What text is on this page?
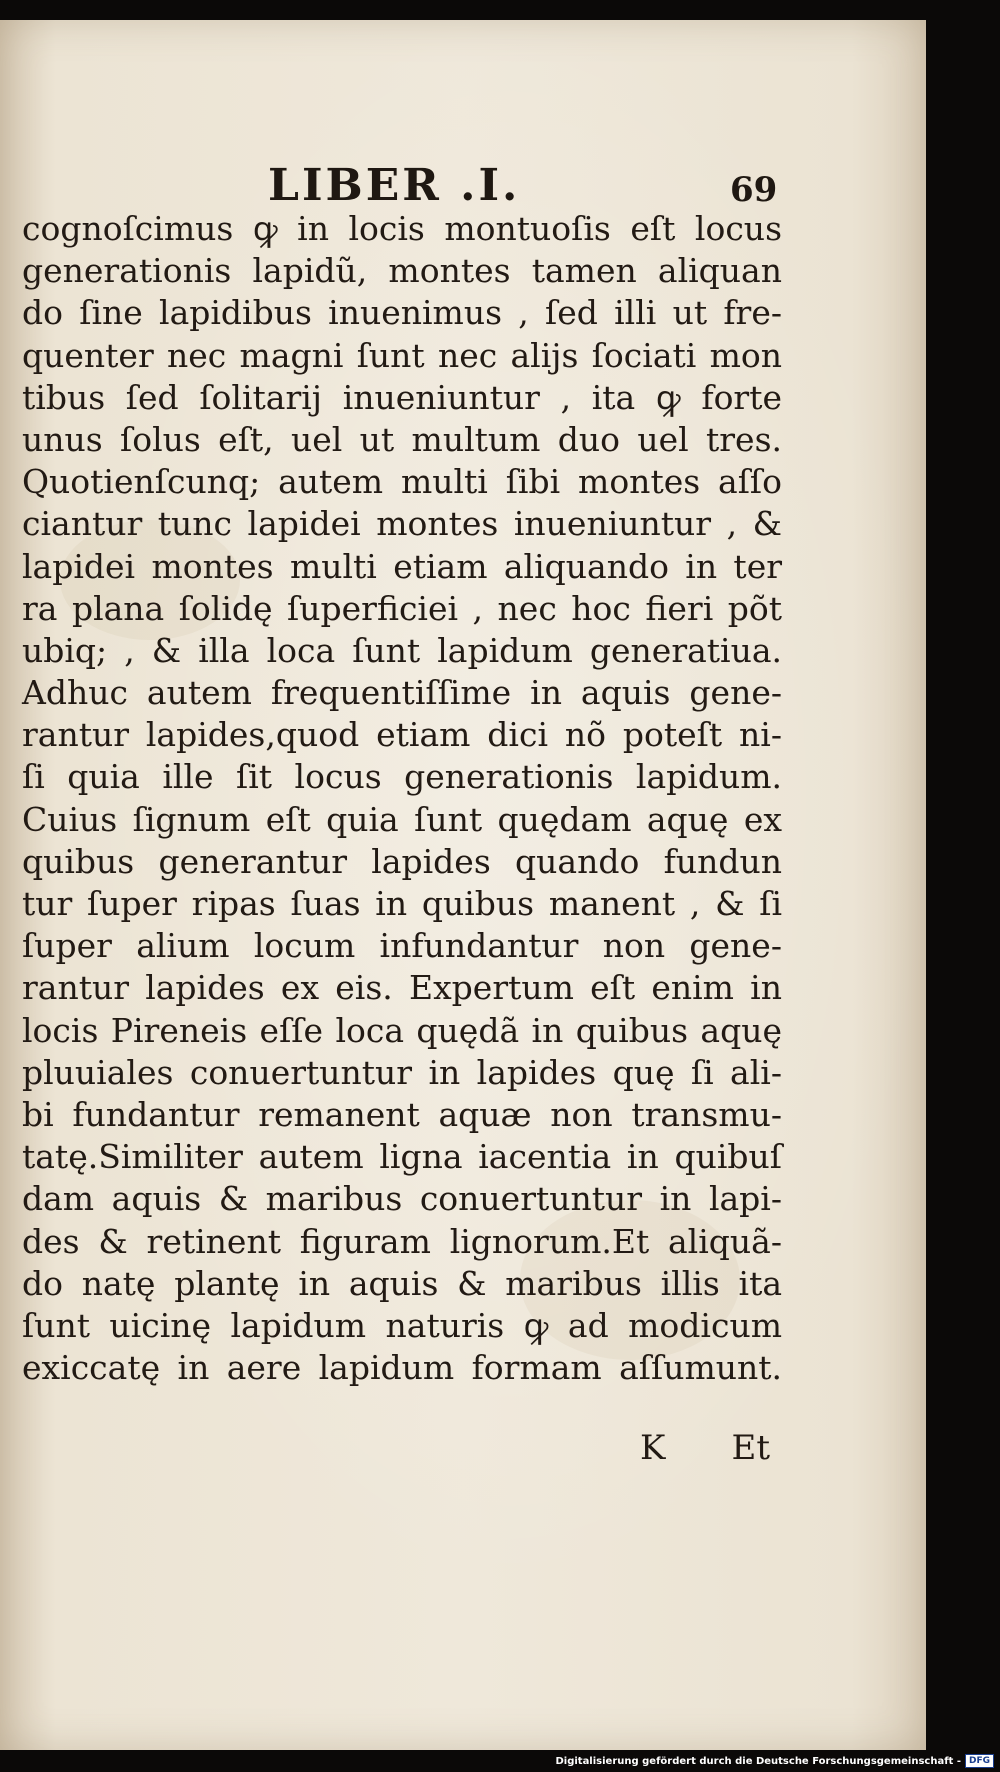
LIBER .I.	69
cognoſcimus ꝙ in locis montuoſis eſt locus
generationis lapidũ, montes tamen aliquan
do ſine lapidibus inuenimus , ſed illi ut fre-
quenter nec magni ſunt nec alijs ſociati mon
tibus ſed ſolitarij inueniuntur , ita ꝙ forte
unus ſolus eſt, uel ut multum duo uel tres.
Quotienſcunq; autem multi ſibi montes aſſo
ciantur tunc lapidei montes inueniuntur , &
lapidei montes multi etiam aliquando in ter
ra plana ſolidę ſuperficiei , nec hoc fieri põt
ubiq; , & illa loca ſunt lapidum generatiua.
Adhuc autem frequentiſſime in aquis gene-
rantur lapides,quod etiam dici nõ poteſt ni-
ſi quia ille ſit locus generationis lapidum.
Cuius ſignum eſt quia ſunt quędam aquę ex
quibus generantur lapides quando fundun
tur ſuper ripas ſuas in quibus manent , & ſi
ſuper alium locum infundantur non gene-
rantur lapides ex eis. Expertum eſt enim in
locis Pireneis eſſe loca quędã in quibus aquę
pluuiales conuertuntur in lapides quę ſi ali-
bi fundantur remanent aquæ non transmu-
tatę.Similiter autem ligna iacentia in quibuſ
dam aquis & maribus conuertuntur in lapi-
des & retinent figuram lignorum.Et aliquã-
do natę plantę in aquis & maribus illis ita
ſunt uicinę lapidum naturis ꝙ ad modicum
exiccatę in aere lapidum formam aſſumunt.
K Et
Digitalisierung gefördert durch die Deutsche Forschungsgemeinschaft - DFG
